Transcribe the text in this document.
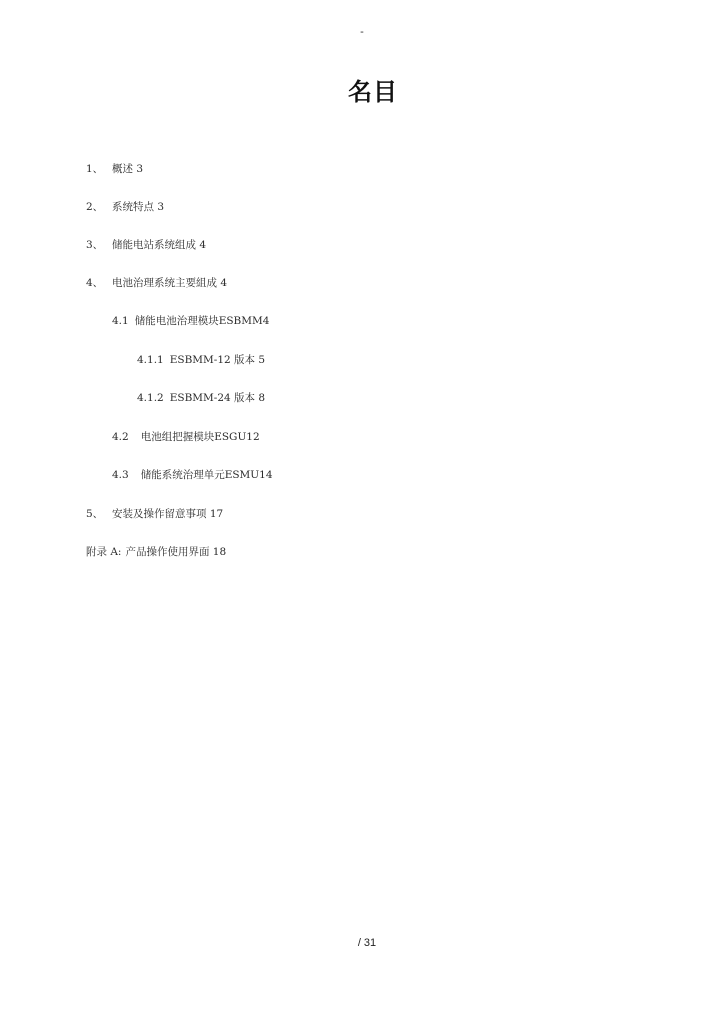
-
名目
1、 概述 3
2、 系统特点 3
3、 储能电站系统组成 4
4、 电池治理系统主要組成 4
4.1 储能电池治理模块ESBMM4
4.1.1 ESBMM-12 版本 5
4.1.2 ESBMM-24 版本 8
4.2 电池组把握模块ESGU12
4.3 储能系统治理单元ESMU14
5、 安装及操作留意事项 17
附录 A: 产品操作使用界面 18
/ 31
